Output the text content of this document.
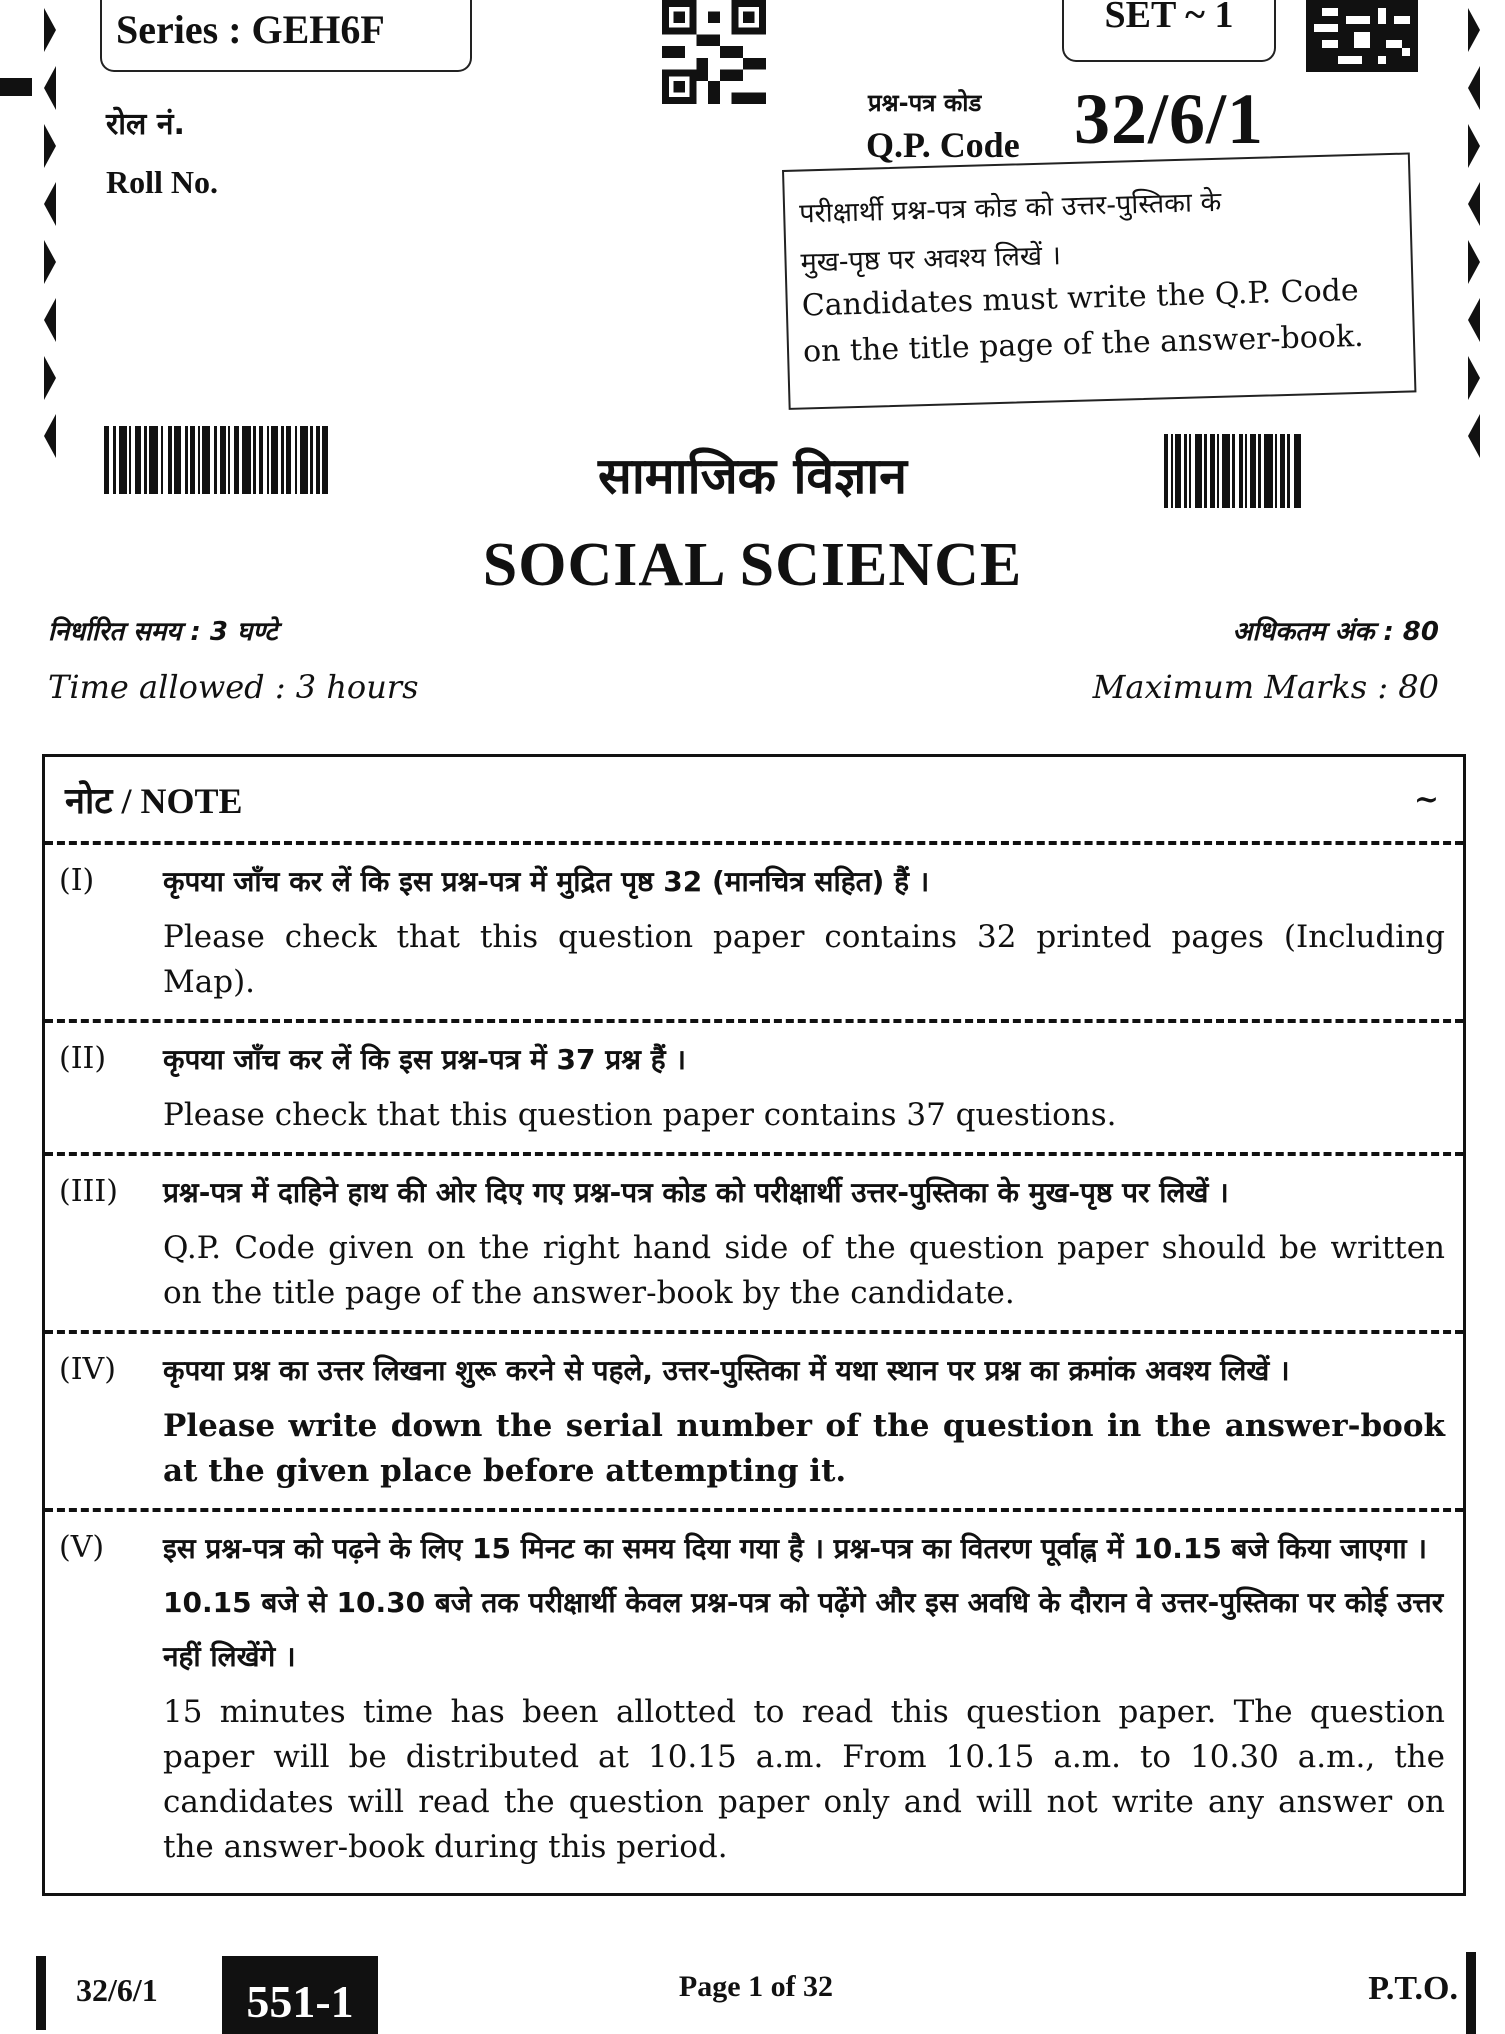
Series : GEH6F	SET ~ 1
रोल नं.
Roll No.
प्रश्न-पत्र कोड
Q.P. Code 32/6/1
परीक्षार्थी प्रश्न-पत्र कोड को उत्तर-पुस्तिका के
मुख-पृष्ठ पर अवश्य लिखें ।
Candidates must write the Q.P. Code
on the title page of the answer-book.
सामाजिक विज्ञान
SOCIAL SCIENCE
निर्धारित समय : 3 घण्टे
Time allowed : 3 hours
अधिकतम अंक : 80
Maximum Marks : 80
नोट / NOTE	~
(I)	कृपया जाँच कर लें कि इस प्रश्न-पत्र में मुद्रित पृष्ठ 32 (मानचित्र सहित) हैं ।
Please check that this question paper contains 32 printed pages (Including Map).
(II)	कृपया जाँच कर लें कि इस प्रश्न-पत्र में 37 प्रश्न हैं ।
Please check that this question paper contains 37 questions.
(III)	प्रश्न-पत्र में दाहिने हाथ की ओर दिए गए प्रश्न-पत्र कोड को परीक्षार्थी उत्तर-पुस्तिका के मुख-पृष्ठ पर लिखें ।
Q.P. Code given on the right hand side of the question paper should be written on the title page of the answer-book by the candidate.
(IV)	कृपया प्रश्न का उत्तर लिखना शुरू करने से पहले, उत्तर-पुस्तिका में यथा स्थान पर प्रश्न का क्रमांक अवश्य लिखें ।
Please write down the serial number of the question in the answer-book at the given place before attempting it.
(V)	इस प्रश्न-पत्र को पढ़ने के लिए 15 मिनट का समय दिया गया है । प्रश्न-पत्र का वितरण पूर्वाह्न में 10.15 बजे किया जाएगा । 10.15 बजे से 10.30 बजे तक परीक्षार्थी केवल प्रश्न-पत्र को पढ़ेंगे और इस अवधि के दौरान वे उत्तर-पुस्तिका पर कोई उत्तर नहीं लिखेंगे ।
15 minutes time has been allotted to read this question paper. The question paper will be distributed at 10.15 a.m. From 10.15 a.m. to 10.30 a.m., the candidates will read the question paper only and will not write any answer on the answer-book during this period.
32/6/1	551-1	Page 1 of 32	P.T.O.
